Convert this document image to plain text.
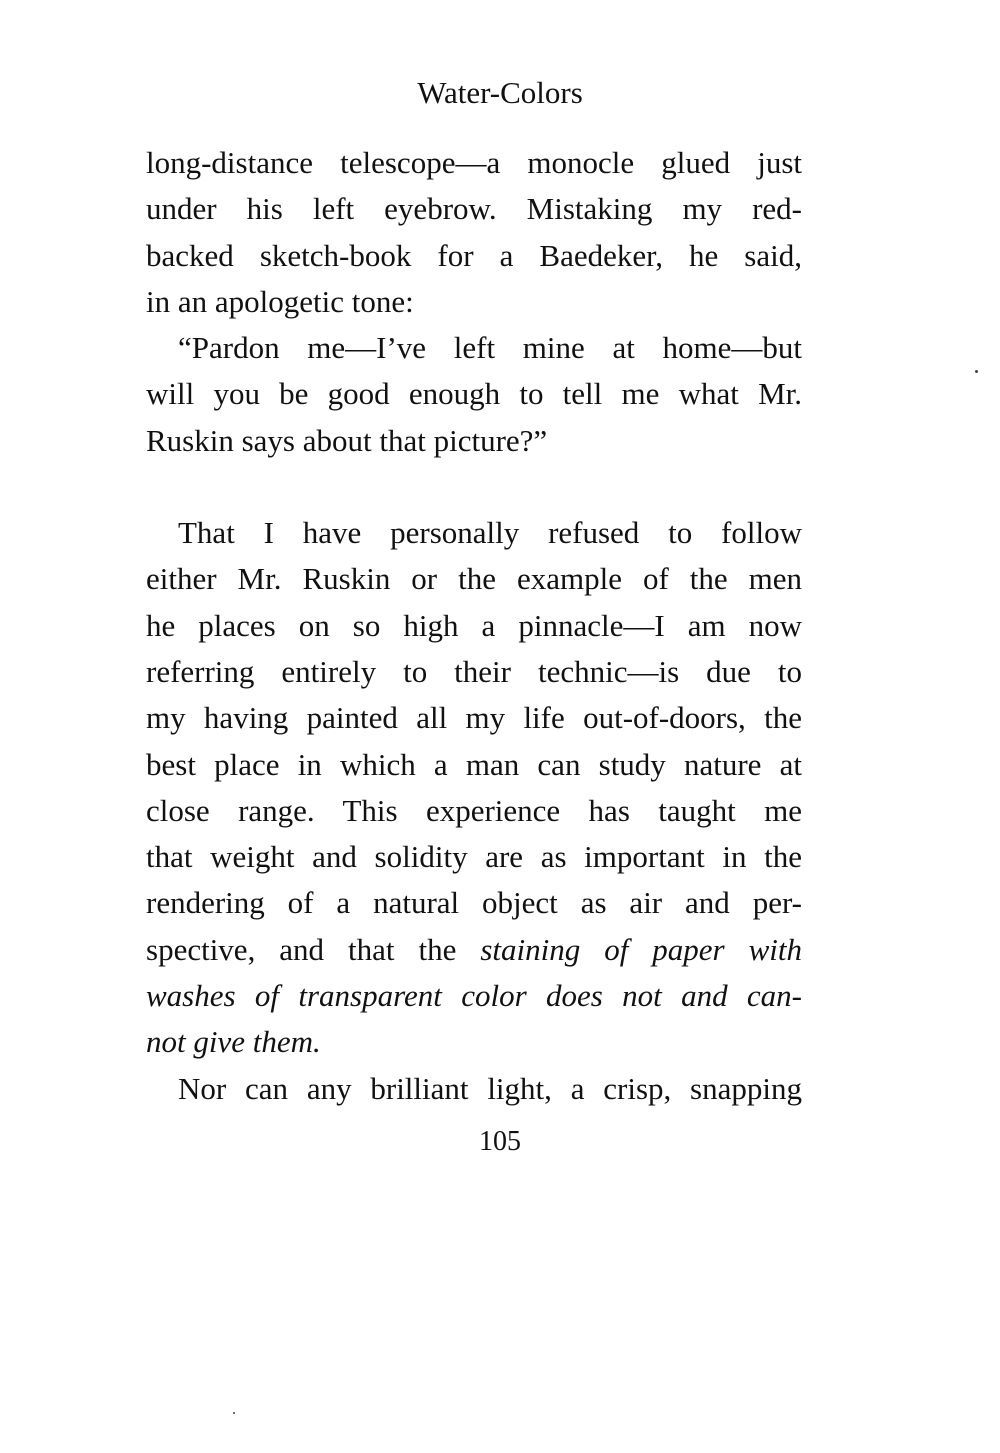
Water-Colors
long-distance telescope—a monocle glued just
under his left eyebrow. Mistaking my red-
backed sketch-book for a Baedeker, he said,
in an apologetic tone:
“Pardon me—I’ve left mine at home—but
will you be good enough to tell me what Mr.
Ruskin says about that picture?”
That I have personally refused to follow
either Mr. Ruskin or the example of the men
he places on so high a pinnacle—I am now
referring entirely to their technic—is due to
my having painted all my life out-of-doors, the
best place in which a man can study nature at
close range. This experience has taught me
that weight and solidity are as important in the
rendering of a natural object as air and per-
spective, and that the staining of paper with
washes of transparent color does not and can-
not give them.
Nor can any brilliant light, a crisp, snapping
105
